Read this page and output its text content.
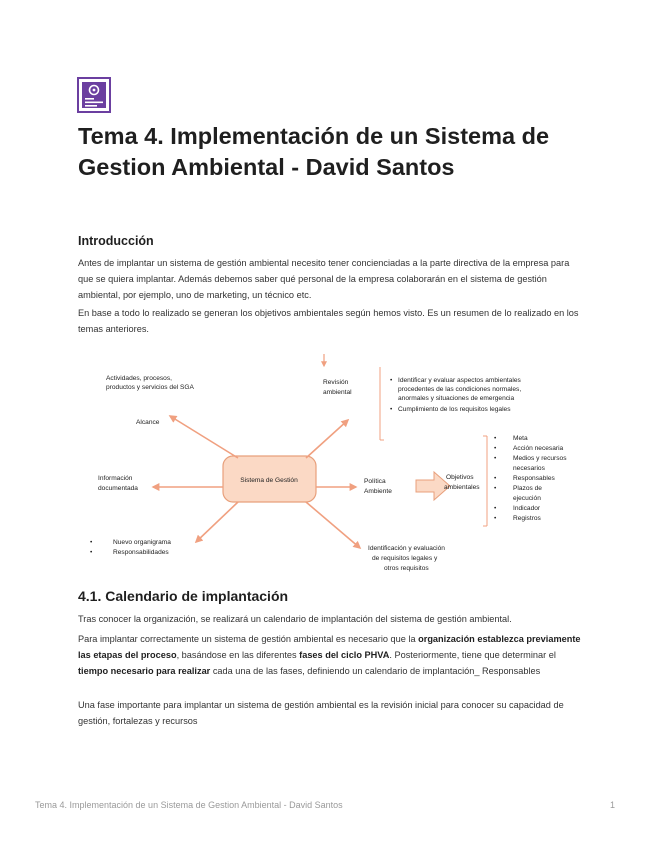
Tema 4. Implementación de un Sistema de Gestion Ambiental - David Santos
Introducción

Antes de implantar un sistema de gestión ambiental necesito tener concienciadas a la parte directiva de la empresa para que se quiera implantar. Además debemos saber qué personal de la empresa colaborarán en el sistema de gestión ambiental, por ejemplo, uno de marketing, un técnico etc.

En base a todo lo realizado se generan los objetivos ambientales según hemos visto. Es un resumen de lo realizado en los temas anteriores.

Sistema de Gestión
Actividades, procesos,
productos y servicios del SGA
Alcance
Revisión
ambiental
• Identificar y evaluar aspectos ambientales
procedentes de las condiciones normales,
anormales y situaciones de emergencia
• Cumplimiento de los requisitos legales
Información
documentada
Política
Ambiente
Objetivos
ambientales
•	Meta
•	Acción necesaria
•	Medios y recursos
necesarios
•	Responsables
•	Plazos de
ejecución
•	Indicador
•	Registros
•	Nuevo organigrama
•	Responsabilidades
Identificación y evaluación
de requisitos legales y
otros requisitos
4.1. Calendario de implantación

Tras conocer la organización, se realizará un calendario de implantación del sistema de gestión ambiental.

Para implantar correctamente un sistema de gestión ambiental es necesario que la organización establezca previamente las etapas del proceso, basándose en las diferentes fases del ciclo PHVA. Posteriormente, tiene que determinar el tiempo necesario para realizar cada una de las fases, definiendo un calendario de implantación_ Responsables

Una fase importante para implantar un sistema de gestión ambiental es la revisión inicial para conocer su capacidad de gestión, fortalezas y recursos

Tema 4. Implementación de un Sistema de Gestion Ambiental - David Santos	1
